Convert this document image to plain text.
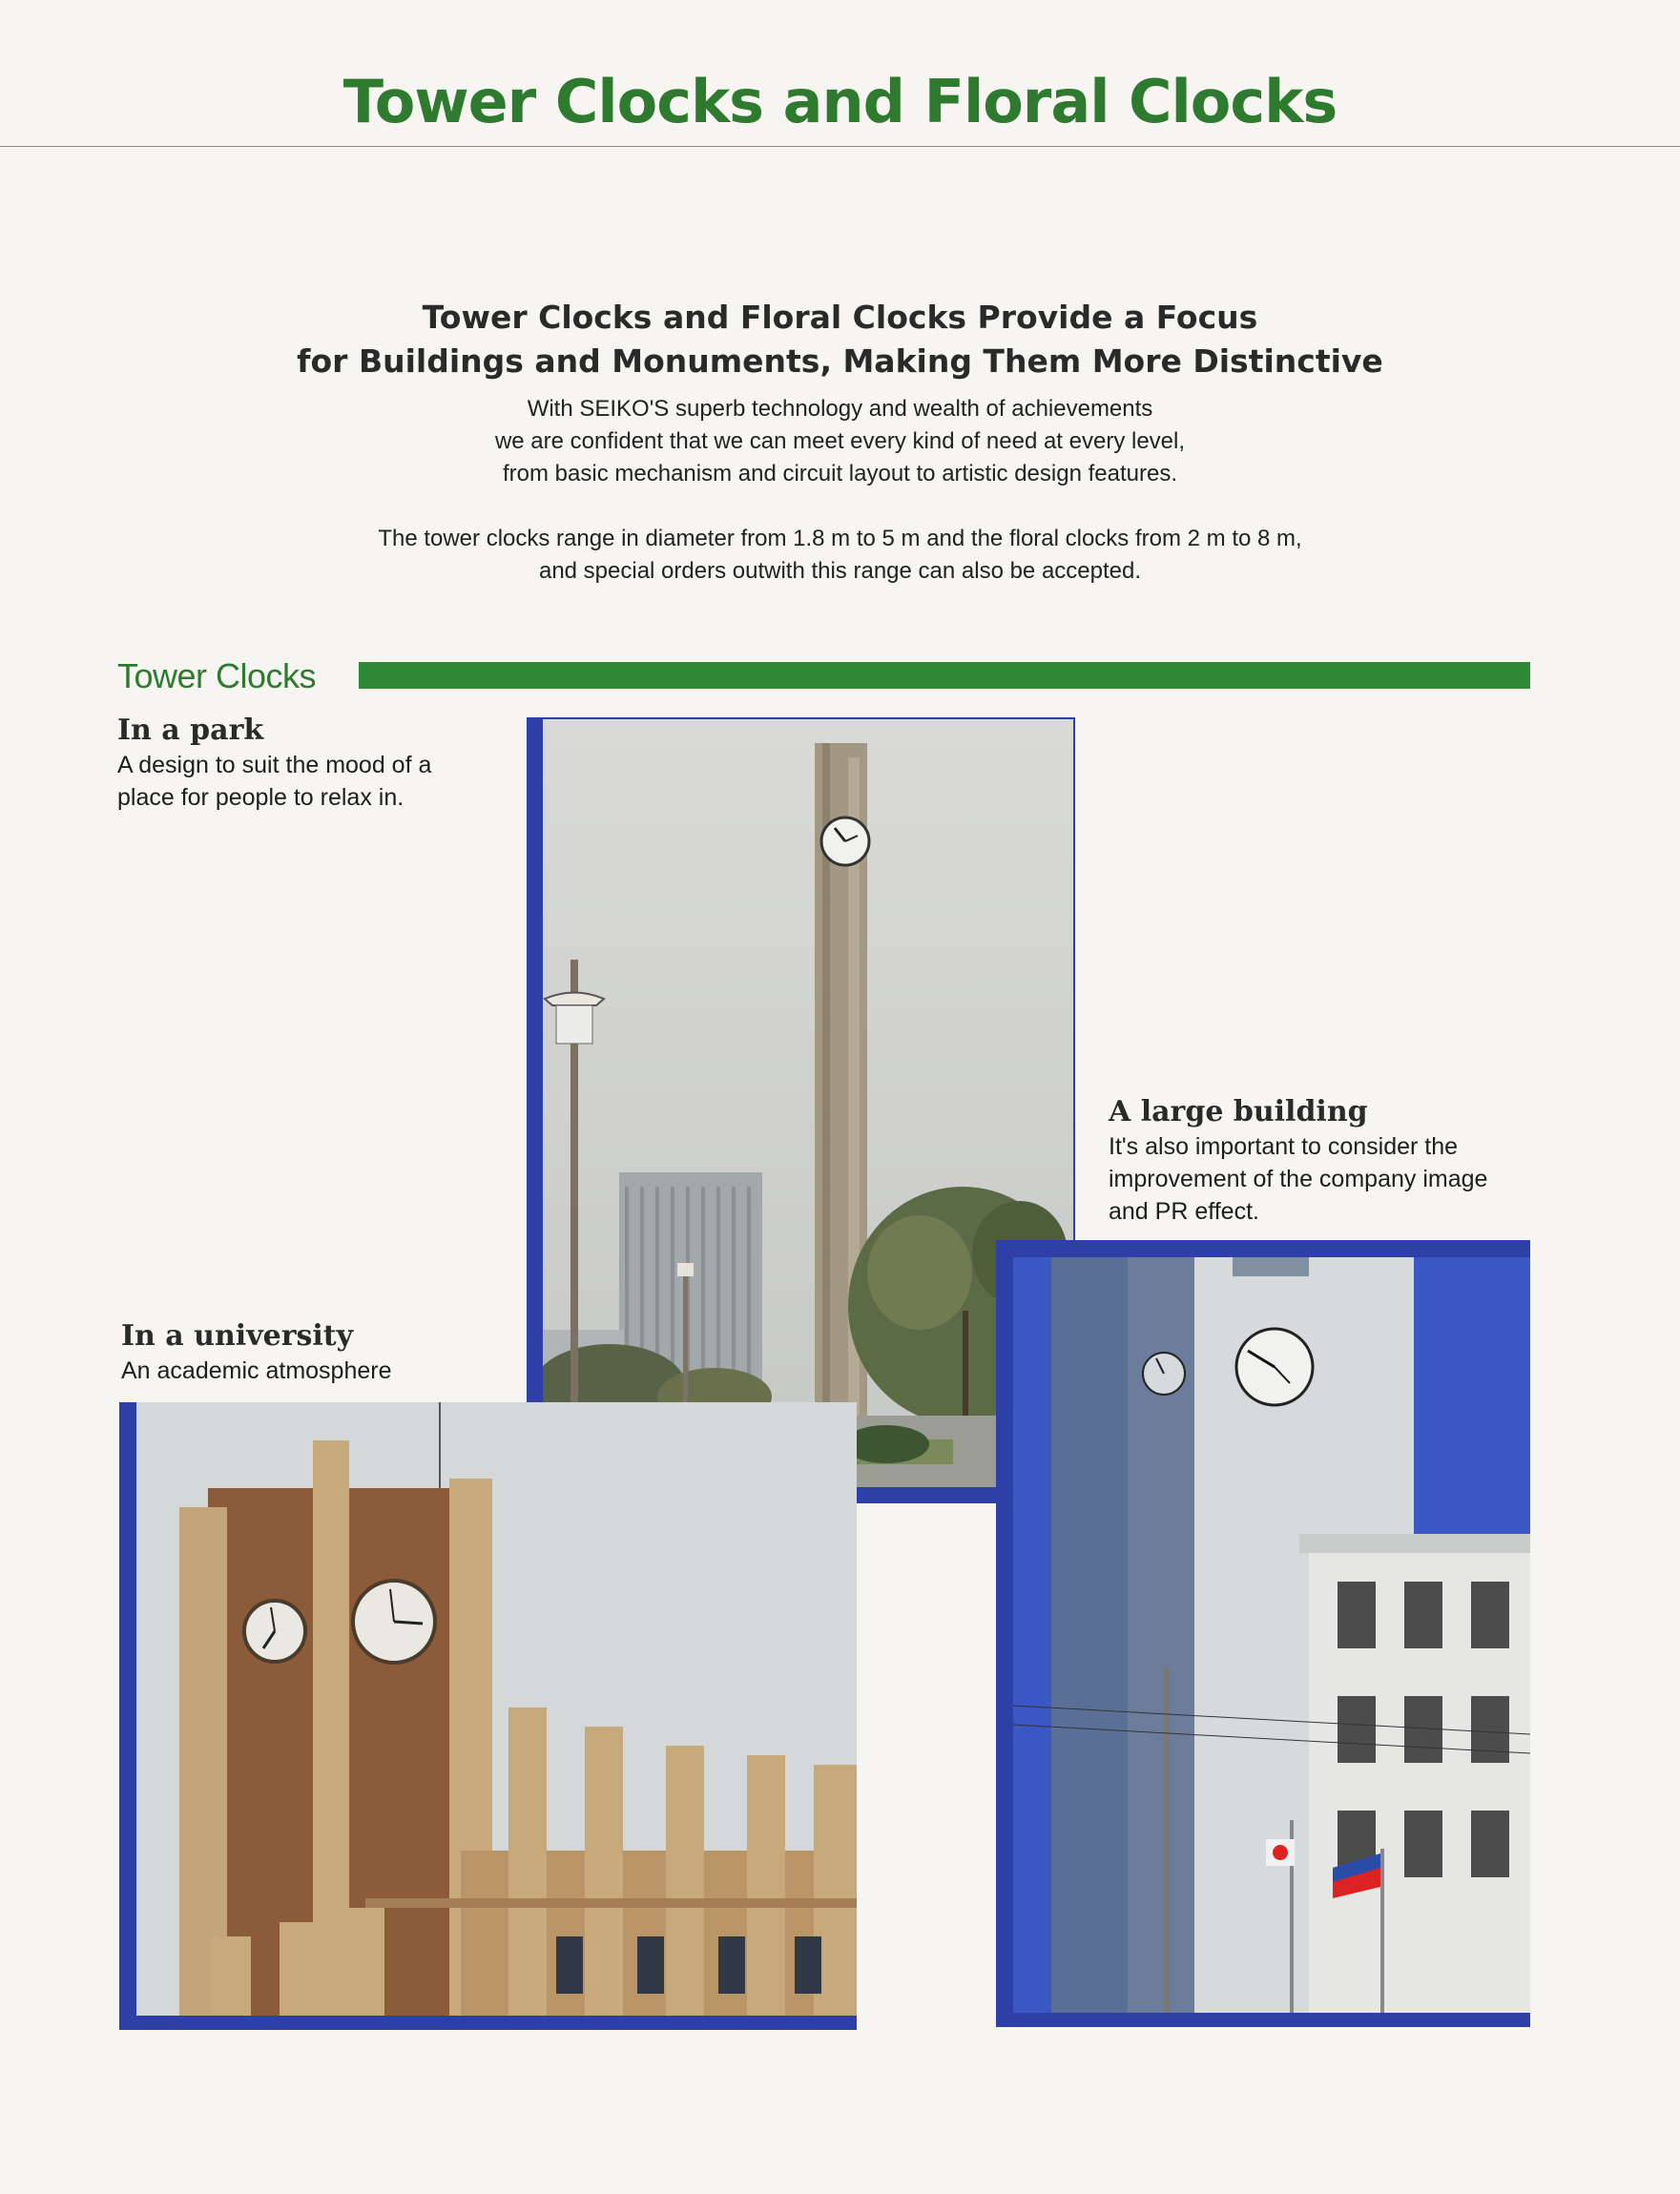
Tower Clocks and Floral Clocks
Tower Clocks and Floral Clocks Provide a Focus
for Buildings and Monuments, Making Them More Distinctive

With SEIKO'S superb technology and wealth of achievements
we are confident that we can meet every kind of need at every level,
from basic mechanism and circuit layout to artistic design features.

The tower clocks range in diameter from 1.8 m to 5 m and the floral clocks from 2 m to 8 m,
and special orders outwith this range can also be accepted.

Tower Clocks

In a park

A design to suit the mood of a
place for people to relax in.

In a university

An academic atmosphere

A large building

It's also important to consider the
improvement of the company image
and PR effect.
